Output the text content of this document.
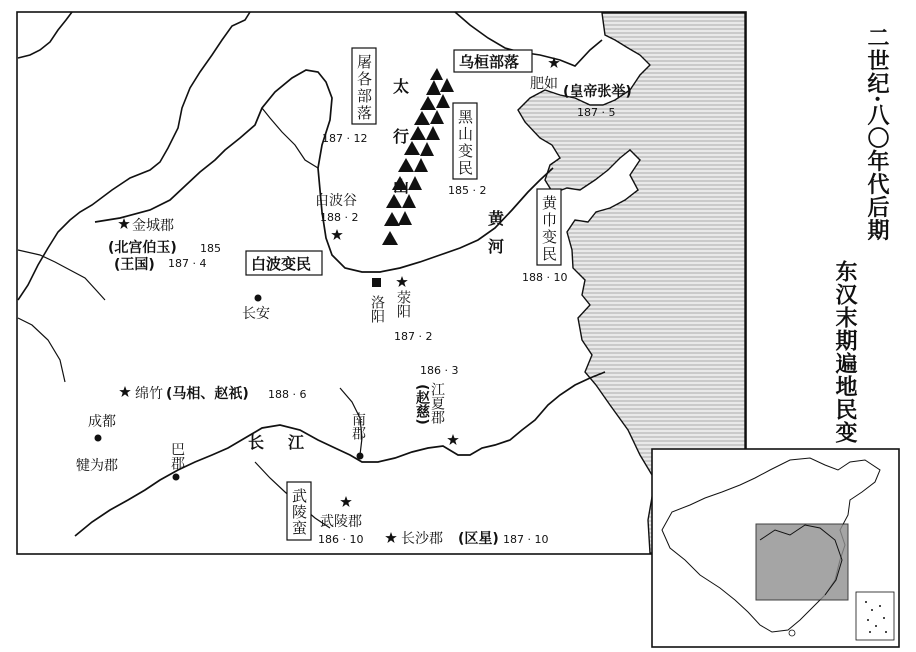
屠各部落	乌桓部落
黑山变民
白波变民
黄巾变民
武陵蛮
187 · 12
187 · 5
185 · 2
188 · 2
188 · 10
187 · 4
187 · 2
186 · 3
188 · 6
186 · 10	187 · 10
肥如 (皇帝张举)
白波谷
金城郡
(北宫伯玉) 185
(王国)
长安	洛阳 荥阳
绵竹 (马相、赵祇)
成都
犍为郡	巴郡
南郡
江夏郡
(赵慈)
武陵郡
长沙郡 (区星)
太行山
黄河
长江
二世纪·八〇年代后期
东汉末期遍地民变
